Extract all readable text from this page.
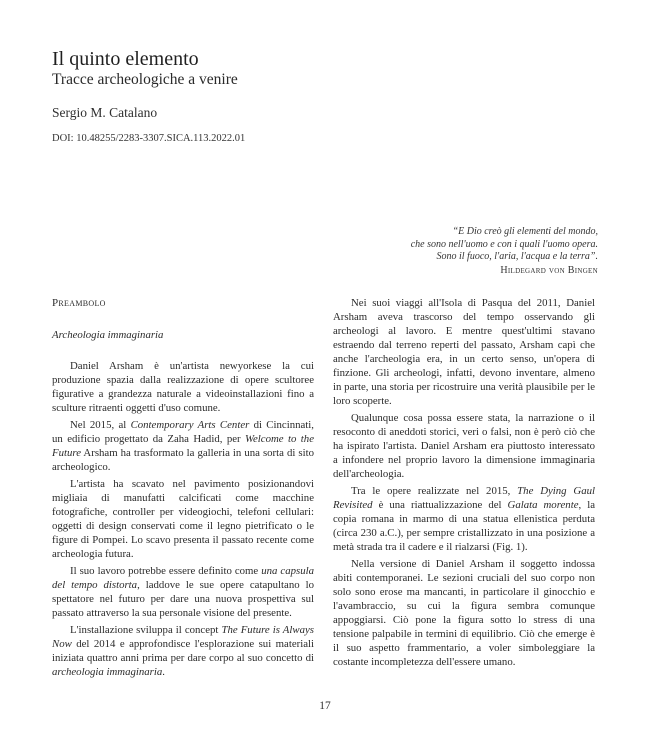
Il quinto elemento
Tracce archeologiche a venire
Sergio M. Catalano
DOI: 10.48255/2283-3307.SICA.113.2022.01
“E Dio creò gli elementi del mondo,
che sono nell'uomo e con i quali l'uomo opera.
Sono il fuoco, l'aria, l'acqua e la terra”.
Hildegard von Bingen
Preambolo
Archeologia immaginaria

Daniel Arsham è un'artista newyorkese la cui produzione spazia dalla realizzazione di opere scultoree figurative a grandezza naturale a videoinstallazioni fino a sculture ritraenti oggetti d'uso comune.

Nel 2015, al Contemporary Arts Center di Cincinnati, un edificio progettato da Zaha Hadid, per Welcome to the Future Arsham ha trasformato la galleria in una sorta di sito archeologico.

L'artista ha scavato nel pavimento posizionandovi migliaia di manufatti calcificati come macchine fotografiche, controller per videogiochi, telefoni cellulari: oggetti di design conservati come il legno pietrificato o le figure di Pompei. Lo scavo presenta il passato recente come archeologia futura.

Il suo lavoro potrebbe essere definito come una capsula del tempo distorta, laddove le sue opere catapultano lo spettatore nel futuro per dare una nuova prospettiva sul passato attraverso la sua personale visione del presente.

L'installazione sviluppa il concept The Future is Always Now del 2014 e approfondisce l'esplorazione sui materiali iniziata quattro anni prima per dare corpo al suo concetto di archeologia immaginaria.

Nei suoi viaggi all'Isola di Pasqua del 2011, Daniel Arsham aveva trascorso del tempo osservando gli archeologi al lavoro. E mentre quest'ultimi stavano estraendo dal terreno reperti del passato, Arsham capì che anche l'archeologia era, in un certo senso, un'opera di finzione. Gli archeologi, infatti, devono inventare, almeno in parte, una storia per ricostruire una verità plausibile per le loro scoperte.

Qualunque cosa possa essere stata, la narrazione o il resoconto di aneddoti storici, veri o falsi, non è però ciò che ha ispirato l'artista. Daniel Arsham era piuttosto interessato a infondere nel proprio lavoro la dimensione immaginaria dell'archeologia.

Tra le opere realizzate nel 2015, The Dying Gaul Revisited è una riattualizzazione del Galata morente, la copia romana in marmo di una statua ellenistica perduta (circa 230 a.C.), per sempre cristallizzato in una posizione a metà strada tra il cadere e il rialzarsi (Fig. 1).

Nella versione di Daniel Arsham il soggetto indossa abiti contemporanei. Le sezioni cruciali del suo corpo non solo sono erose ma mancanti, in particolare il ginocchio e l'avambraccio, su cui la figura sembra comunque appoggiarsi. Ciò pone la figura sotto lo stress di una tensione palpabile in termini di equilibrio. Ciò che emerge è il suo aspetto frammentario, a voler simboleggiare la costante incompletezza dell'essere umano.

17
